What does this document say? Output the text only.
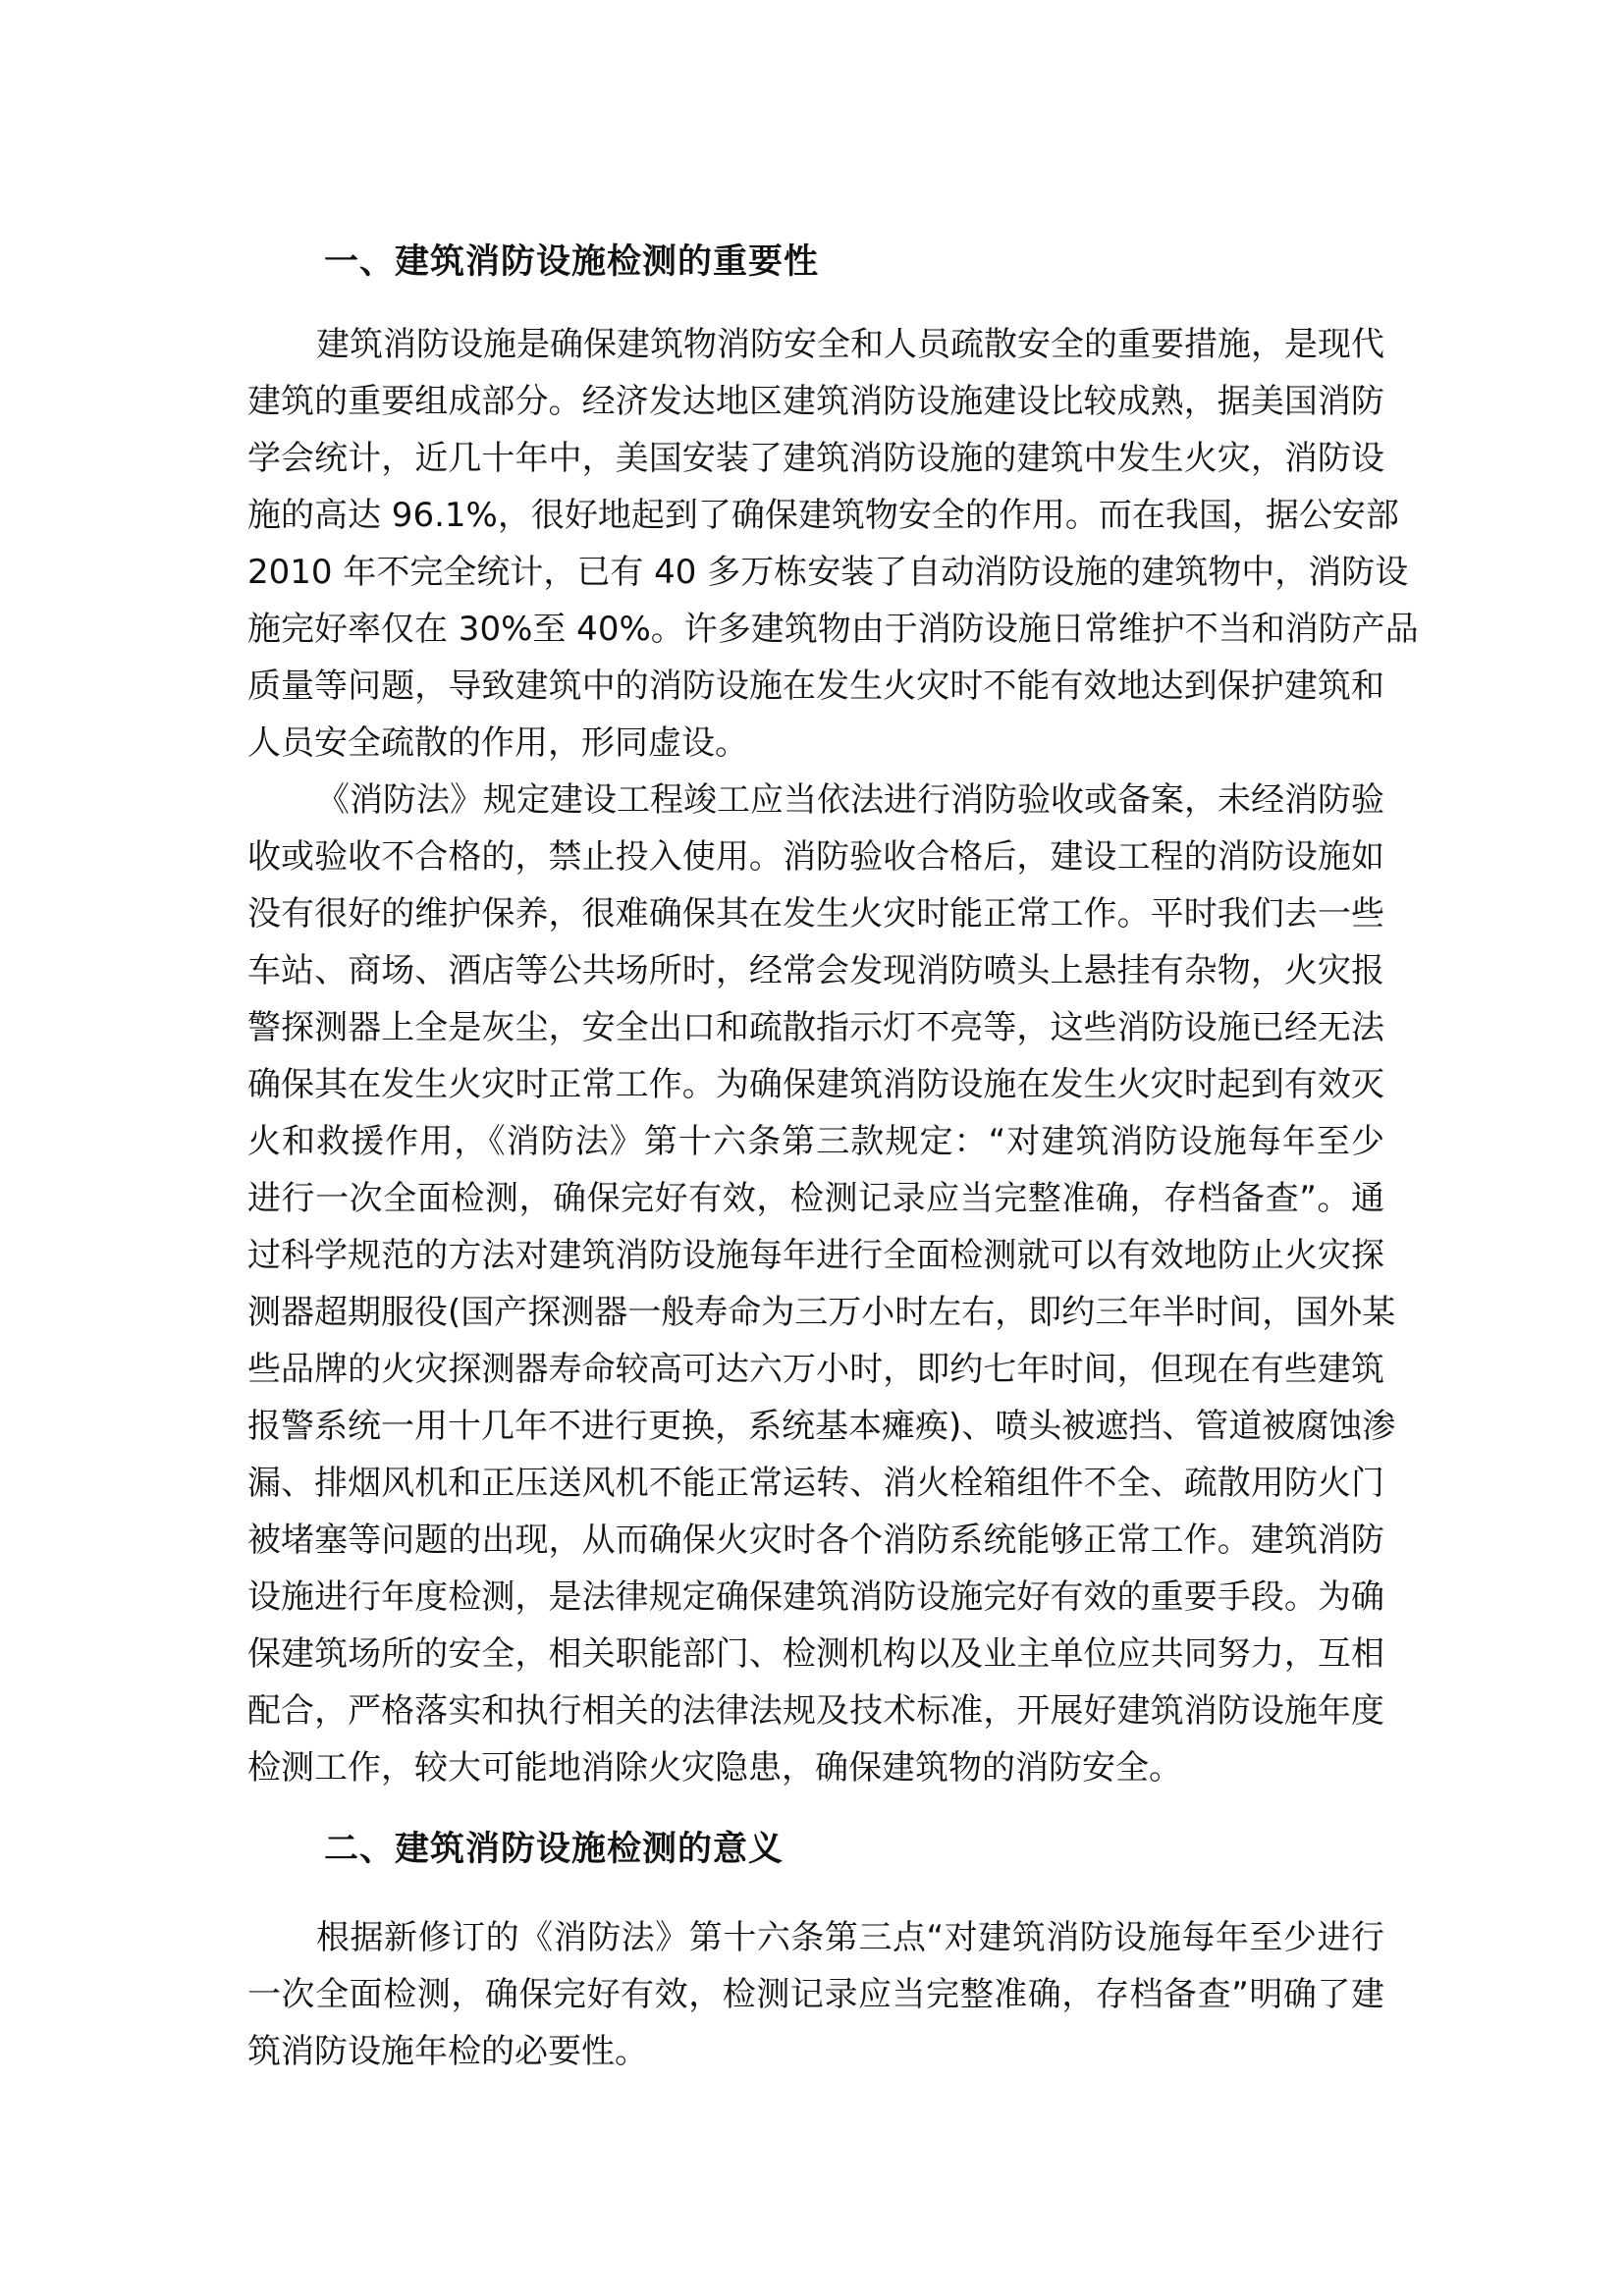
一、建筑消防设施检测的重要性
建筑消防设施是确保建筑物消防安全和人员疏散安全的重要措施，是现代
建筑的重要组成部分。经济发达地区建筑消防设施建设比较成熟，据美国消防
学会统计，近几十年中，美国安装了建筑消防设施的建筑中发生火灾，消防设
施的高达 96.1%，很好地起到了确保建筑物安全的作用。而在我国，据公安部
2010 年不完全统计，已有 40 多万栋安装了自动消防设施的建筑物中，消防设
施完好率仅在 30%至 40%。许多建筑物由于消防设施日常维护不当和消防产品
质量等问题，导致建筑中的消防设施在发生火灾时不能有效地达到保护建筑和
人员安全疏散的作用，形同虚设。
《消防法》规定建设工程竣工应当依法进行消防验收或备案，未经消防验
收或验收不合格的，禁止投入使用。消防验收合格后，建设工程的消防设施如
没有很好的维护保养，很难确保其在发生火灾时能正常工作。平时我们去一些
车站、商场、酒店等公共场所时，经常会发现消防喷头上悬挂有杂物，火灾报
警探测器上全是灰尘，安全出口和疏散指示灯不亮等，这些消防设施已经无法
确保其在发生火灾时正常工作。为确保建筑消防设施在发生火灾时起到有效灭
火和救援作用，《消防法》第十六条第三款规定：“对建筑消防设施每年至少
进行一次全面检测，确保完好有效，检测记录应当完整准确，存档备查”。通
过科学规范的方法对建筑消防设施每年进行全面检测就可以有效地防止火灾探
测器超期服役(国产探测器一般寿命为三万小时左右，即约三年半时间，国外某
些品牌的火灾探测器寿命较高可达六万小时，即约七年时间，但现在有些建筑
报警系统一用十几年不进行更换，系统基本瘫痪)、喷头被遮挡、管道被腐蚀渗
漏、排烟风机和正压送风机不能正常运转、消火栓箱组件不全、疏散用防火门
被堵塞等问题的出现，从而确保火灾时各个消防系统能够正常工作。建筑消防
设施进行年度检测，是法律规定确保建筑消防设施完好有效的重要手段。为确
保建筑场所的安全，相关职能部门、检测机构以及业主单位应共同努力，互相
配合，严格落实和执行相关的法律法规及技术标准，开展好建筑消防设施年度
检测工作，较大可能地消除火灾隐患，确保建筑物的消防安全。
二、建筑消防设施检测的意义
根据新修订的《消防法》第十六条第三点“对建筑消防设施每年至少进行
一次全面检测，确保完好有效，检测记录应当完整准确，存档备查”明确了建
筑消防设施年检的必要性。
